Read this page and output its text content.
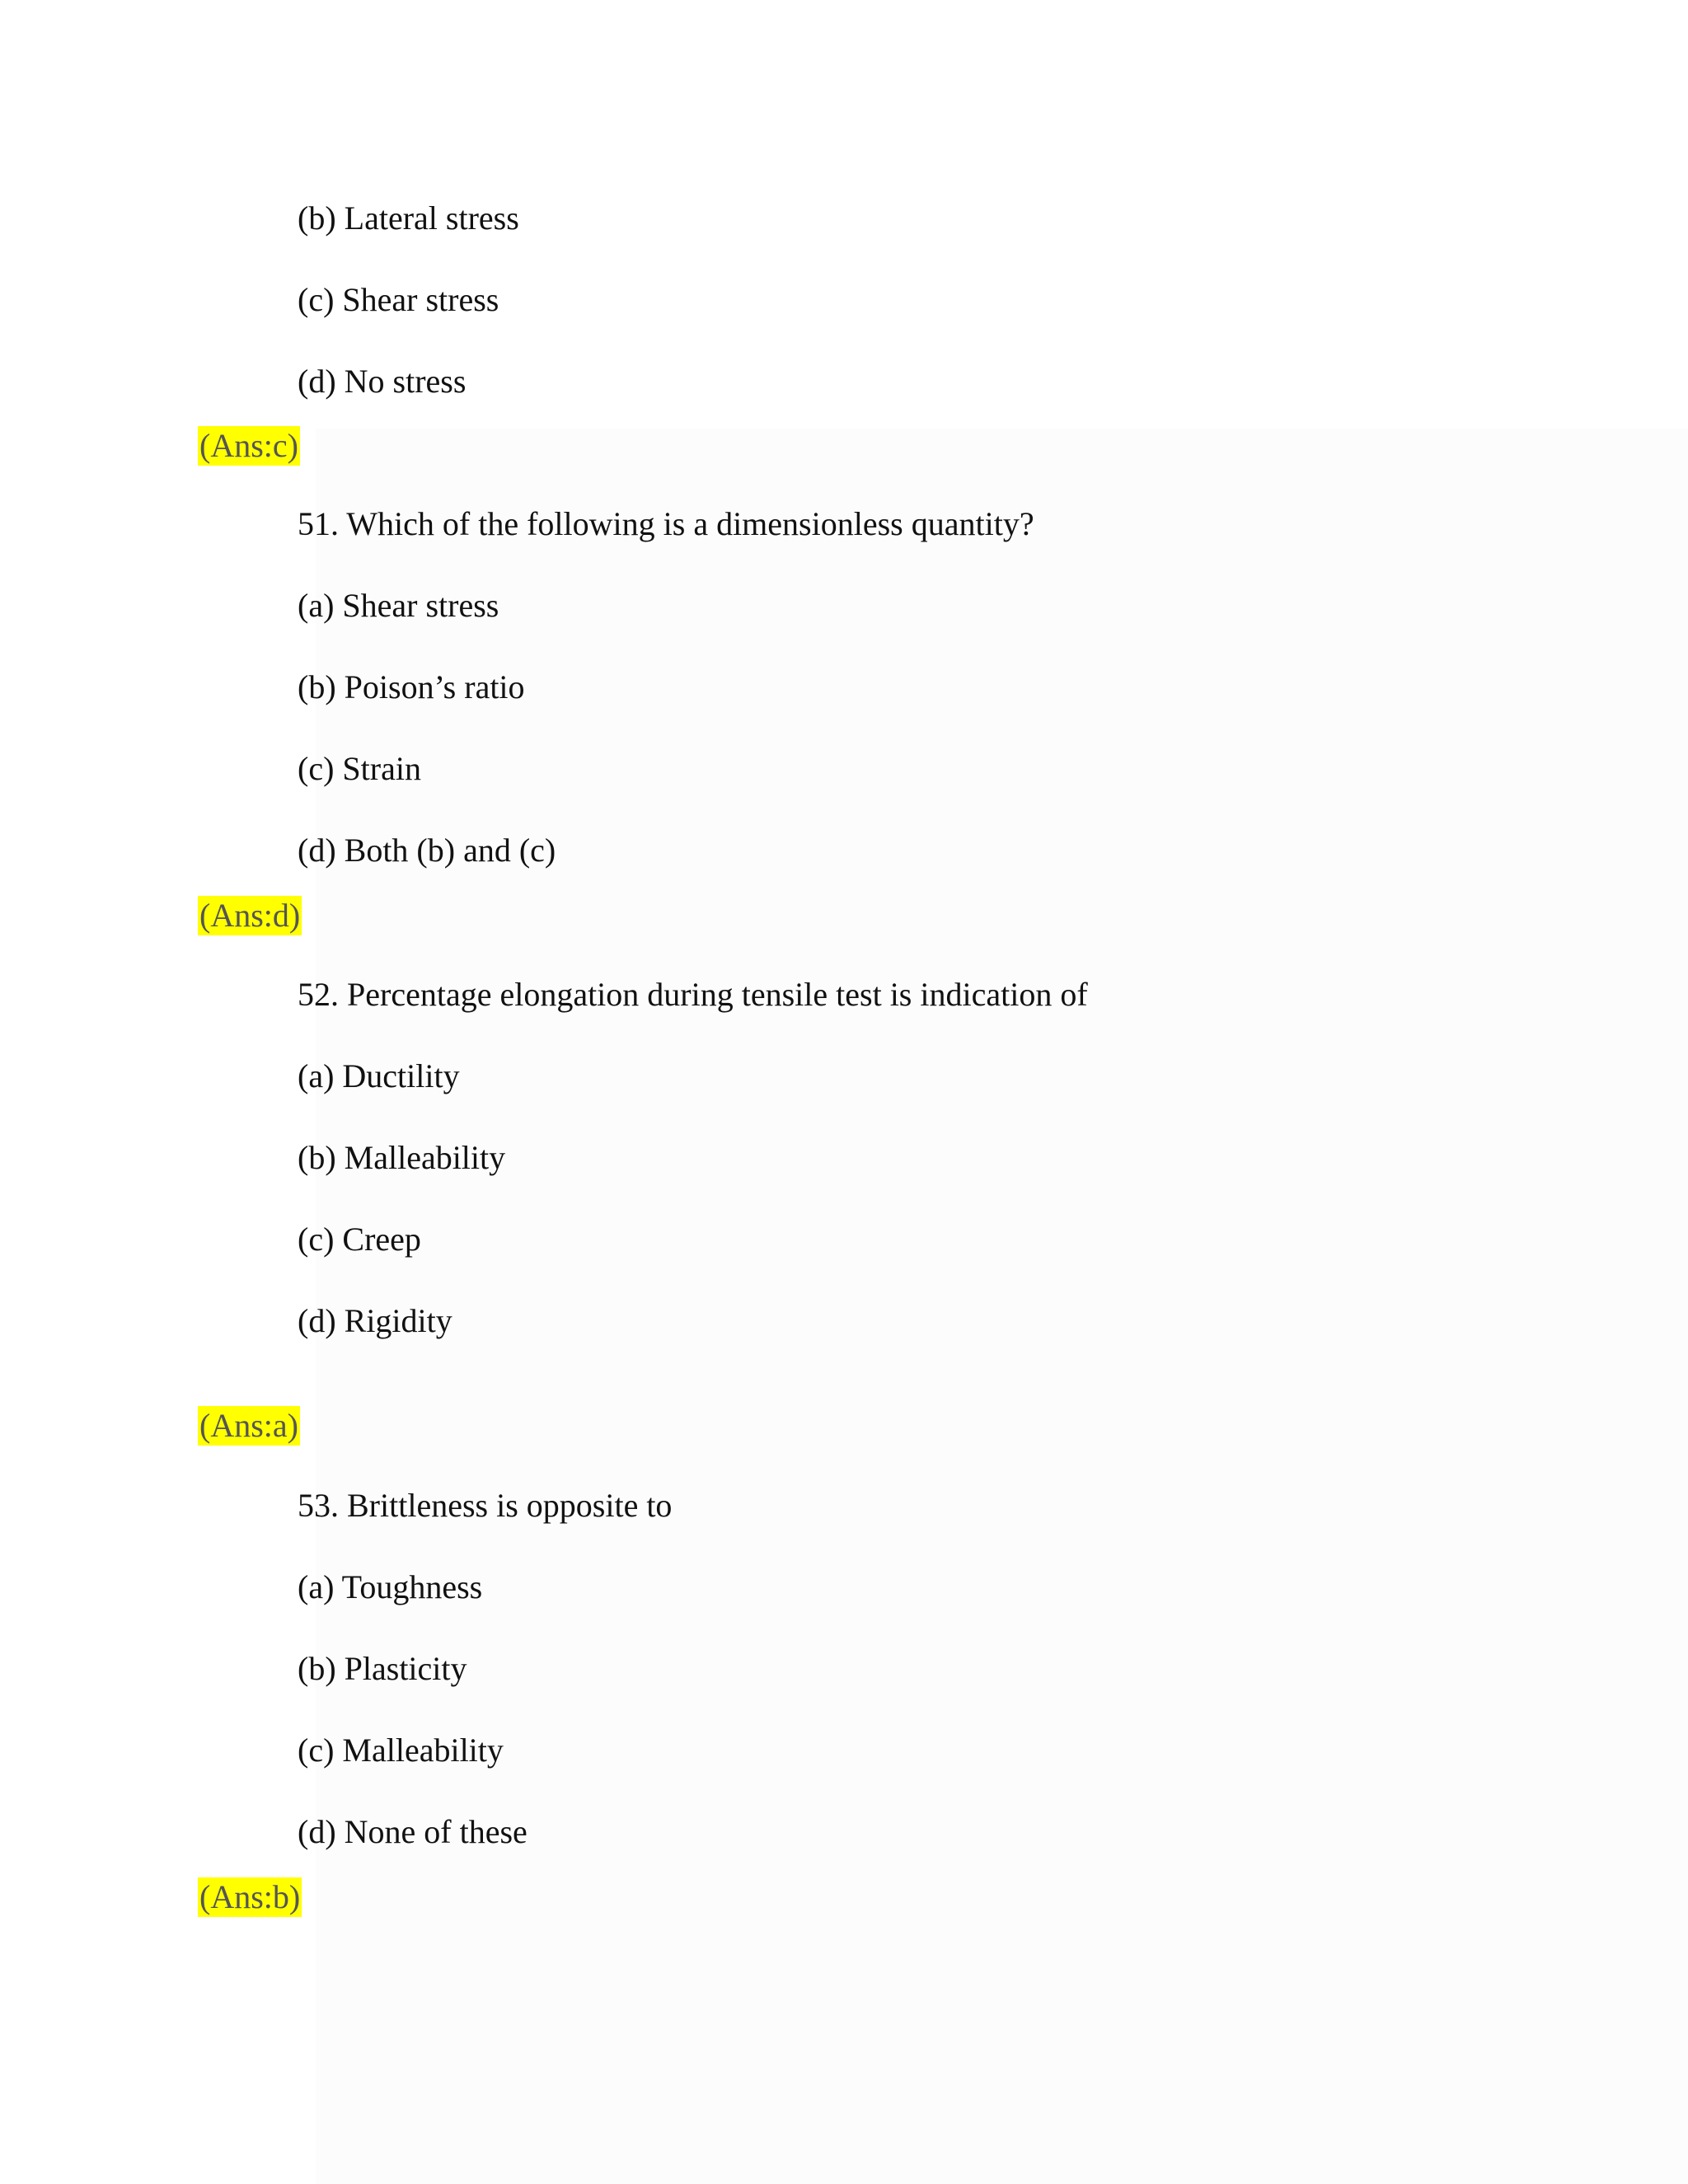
(b) Lateral stress
(c) Shear stress
(d) No stress
(Ans:c)
51. Which of the following is a dimensionless quantity?
(a) Shear stress
(b) Poison’s ratio
(c) Strain
(d) Both (b) and (c)
(Ans:d)
52. Percentage elongation during tensile test is indication of
(a) Ductility
(b) Malleability
(c) Creep
(d) Rigidity
(Ans:a)
53. Brittleness is opposite to
(a) Toughness
(b) Plasticity
(c) Malleability
(d) None of these
(Ans:b)
